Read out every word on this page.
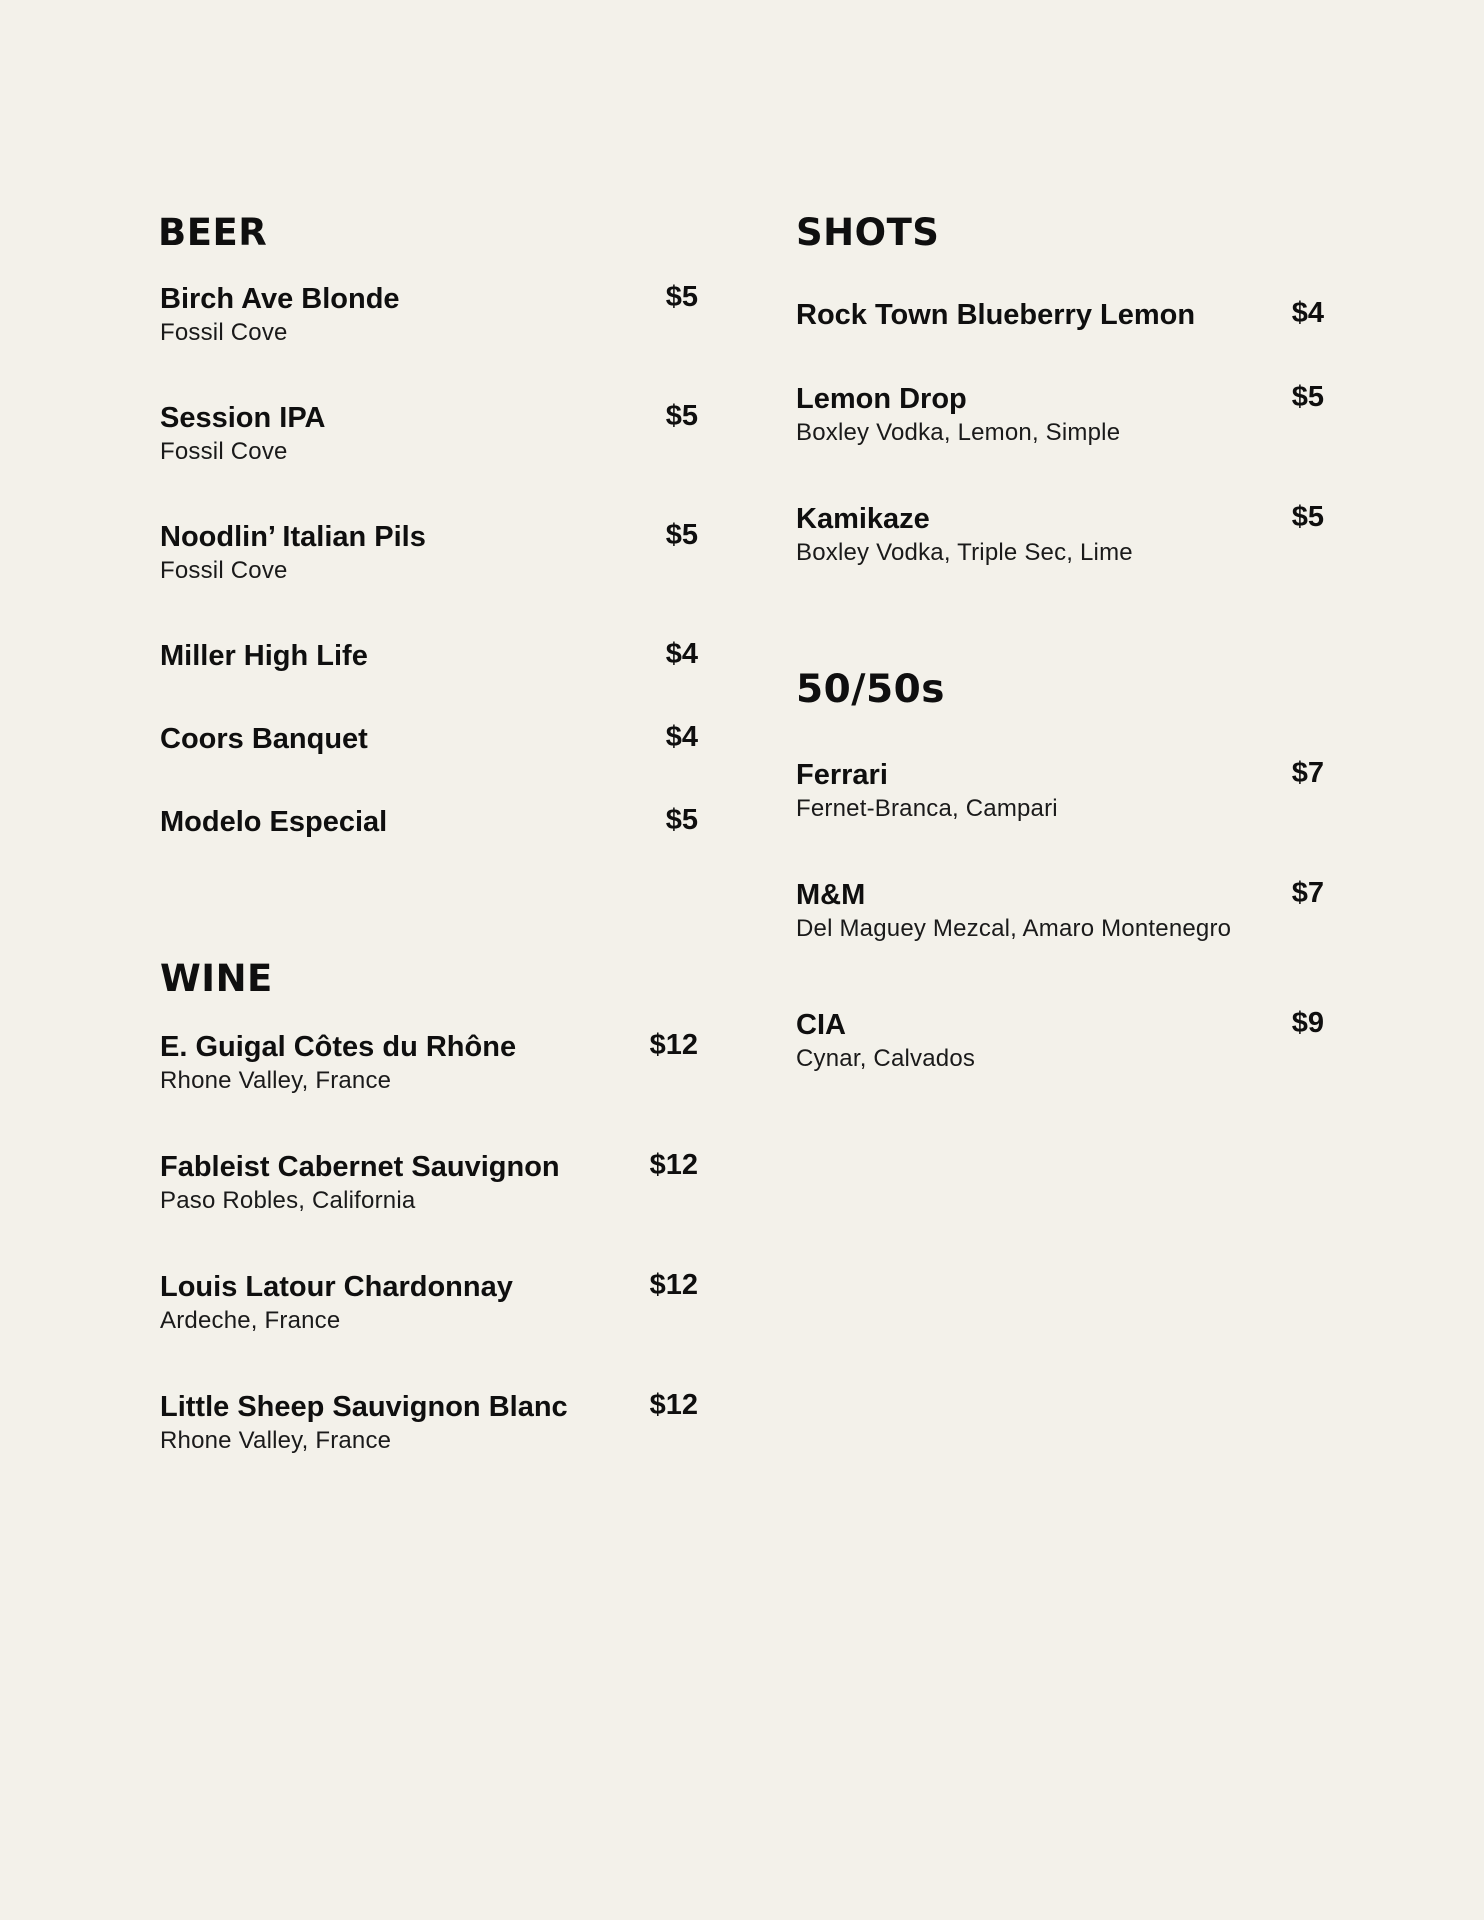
BEER
Birch Ave Blonde
Fossil Cove
$5
Session IPA
Fossil Cove
$5
Noodlin’ Italian Pils
Fossil Cove
$5
Miller High Life	$4
Coors Banquet	$4
Modelo Especial	$5
WINE
E. Guigal Côtes du Rhône
Rhone Valley, France
$12
Fableist Cabernet Sauvignon
Paso Robles, California
$12
Louis Latour Chardonnay
Ardeche, France
$12
Little Sheep Sauvignon Blanc
Rhone Valley, France
$12
SHOTS
Rock Town Blueberry Lemon	$4
Lemon Drop
Boxley Vodka, Lemon, Simple
$5
Kamikaze
Boxley Vodka, Triple Sec, Lime
$5
50/50s
Ferrari
Fernet-Branca, Campari
$7
M&M
Del Maguey Mezcal, Amaro Montenegro
$7
CIA
Cynar, Calvados
$9
